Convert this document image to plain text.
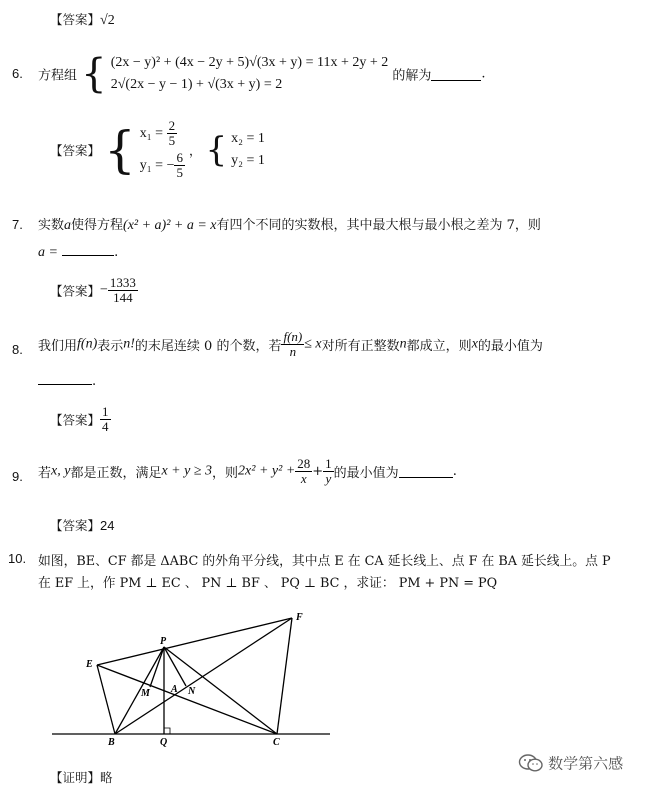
【答案】√2
6. 方程组 { (2x − y)² + (4x − 2y + 5)√(3x + y) = 11x + 2y + 2
2√(2x − y − 1) + √(3x + y) = 2
的解为	.
【答案】 { $x_1 = \frac{2}{5}$
y₁ = − $\frac{6}{5}$
， { x₂ = 1
y₂ = 1
7. 实数a使得方程(x² + a)² + a = x有四个不同的实数根，其中最大根与最小根之差为 7，则
a =	.
【答案】− $\frac{1333}{144}$
8. 我们用f(n)表示n!的末尾连续 0 的个数，若 $\frac{f(n)}{n} \le x$对所有正整数n都成立，则x的最小值为
.
【答案】 $\frac{1}{4}$
9. 若x, y都是正数，满足x + y ≥ 3，则$2x^2 + y^2 + \frac{28}{x} + \frac{1}{y}$ 的最小值为	.
【答案】24
10. 如图，BE、CF 都是 ΔABC 的外角平分线，其中点 E 在 CA 延长线上、点 F 在 BA 延长线上。点 P
在 EF 上，作 PM ⊥ EC 、 PN ⊥ BF 、 PQ ⊥ BC ，求证： PM + PN = PQ
P
F
E
M A N
B	Q	C
【证明】略
数学第六感
